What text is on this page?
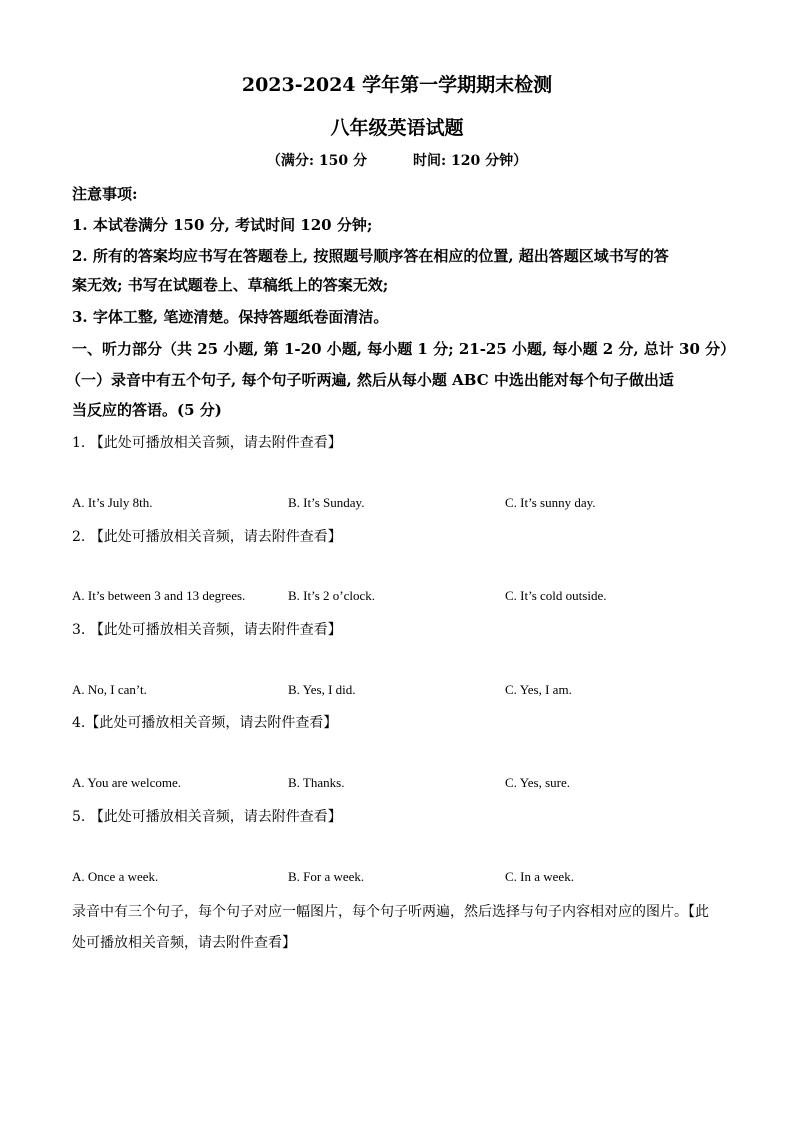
2023-2024 学年第一学期期末检测
八年级英语试题
（满分: 150 分	时间: 120 分钟）
注意事项:
1. 本试卷满分 150 分, 考试时间 120 分钟;
2. 所有的答案均应书写在答题卷上, 按照题号顺序答在相应的位置, 超出答题区域书写的答
案无效; 书写在试题卷上、草稿纸上的答案无效;
3. 字体工整, 笔迹清楚。保持答题纸卷面清洁。
一、听力部分（共 25 小题, 第 1-20 小题, 每小题 1 分; 21-25 小题, 每小题 2 分, 总计 30 分）
（一）录音中有五个句子, 每个句子听两遍, 然后从每小题 ABC 中选出能对每个句子做出适
当反应的答语。(5 分)
1. 【此处可播放相关音频，请去附件查看】
A. It’s July 8th.	B. It’s Sunday.	C. It’s sunny day.
2. 【此处可播放相关音频，请去附件查看】
A. It’s between 3 and 13 degrees.	B. It’s 2 o’clock.	C. It’s cold outside.
3. 【此处可播放相关音频，请去附件查看】
A. No, I can’t.	B. Yes, I did.	C. Yes, I am.
4.【此处可播放相关音频，请去附件查看】
A. You are welcome.	B. Thanks.	C. Yes, sure.
5. 【此处可播放相关音频，请去附件查看】
A. Once a week.	B. For a week.	C. In a week.
录音中有三个句子，每个句子对应一幅图片，每个句子听两遍，然后选择与句子内容相对应的图片。【此
处可播放相关音频，请去附件查看】
